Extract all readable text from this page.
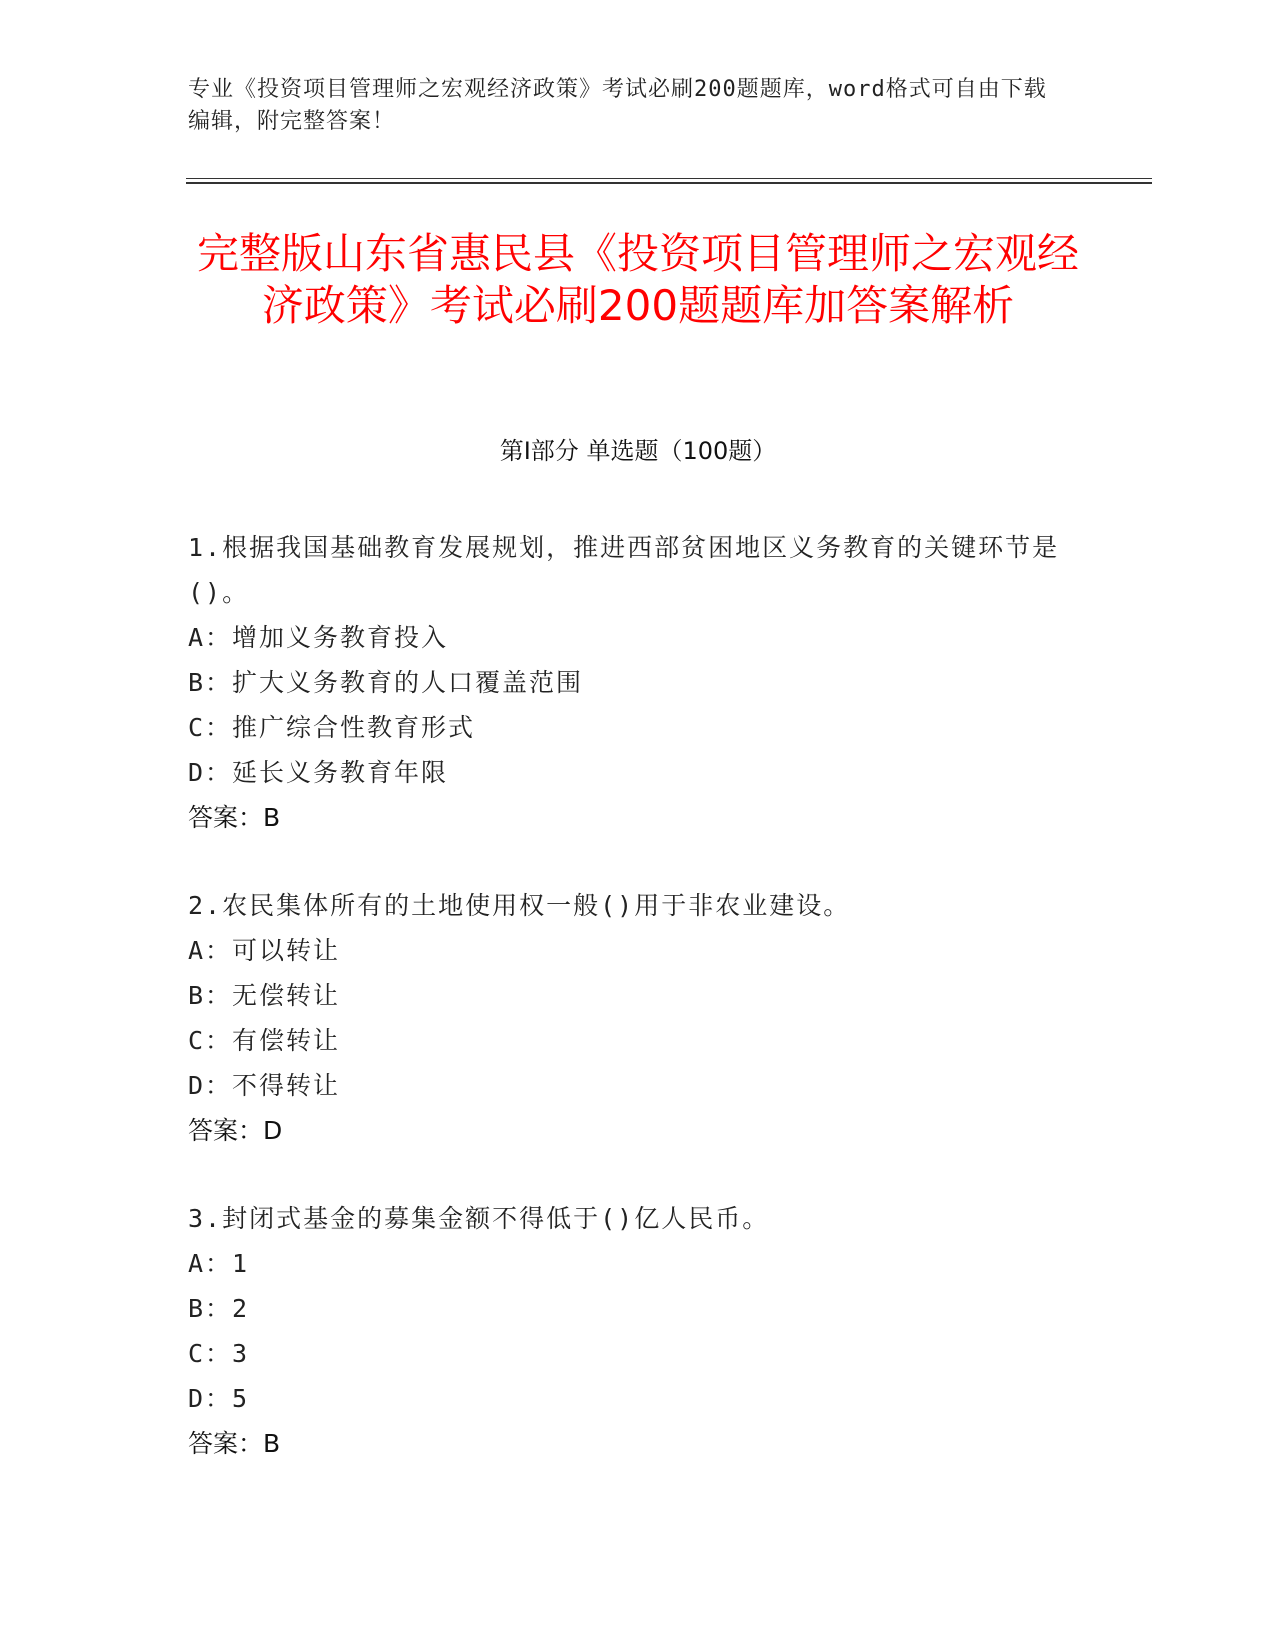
专业《投资项目管理师之宏观经济政策》考试必刷200题题库，word格式可自由下载编辑，附完整答案！
完整版山东省惠民县《投资项目管理师之宏观经济政策》考试必刷200题题库加答案解析
第I部分 单选题（100题）
1.根据我国基础教育发展规划，推进西部贫困地区义务教育的关键环节是()。
A：增加义务教育投入
B：扩大义务教育的人口覆盖范围
C：推广综合性教育形式
D：延长义务教育年限
答案：B
2.农民集体所有的土地使用权一般()用于非农业建设。
A：可以转让
B：无偿转让
C：有偿转让
D：不得转让
答案：D
3.封闭式基金的募集金额不得低于()亿人民币。
A：1
B：2
C：3
D：5
答案：B
